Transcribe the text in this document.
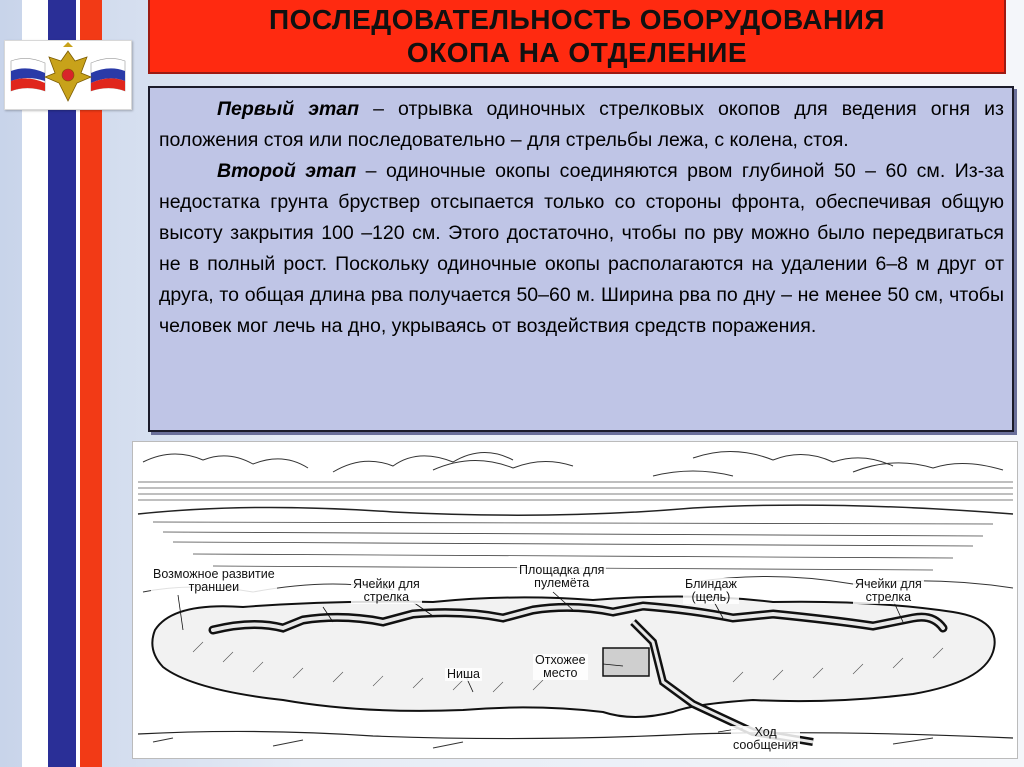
ПОСЛЕДОВАТЕЛЬНОСТЬ ОБОРУДОВАНИЯ
ОКОПА НА ОТДЕЛЕНИЕ

Первый этап – отрывка одиночных стрелковых окопов для ведения огня из положения стоя или последовательно – для стрельбы лежа, с колена, стоя.

Второй этап – одиночные окопы соединяются рвом глубиной 50 – 60 см. Из-за недостатка грунта бруствер отсыпается только со стороны фронта, обеспечивая общую высоту закрытия 100 –120 см. Этого достаточно, чтобы по рву можно было передвигаться не в полный рост. Поскольку одиночные окопы располагаются на удалении 6–8 м друг от друга, то общая длина рва получается 50–60 м. Ширина рва по дну – не менее 50 см, чтобы человек мог лечь на дно, укрываясь от воздействия средств поражения.

Возможное развитие
траншеи	Ячейки для
стрелка
Площадка для
пулемёта	Блиндаж
(щель)
Ячейки для
стрелка
Ниша
Отхожее
место
Ход
сообщения
